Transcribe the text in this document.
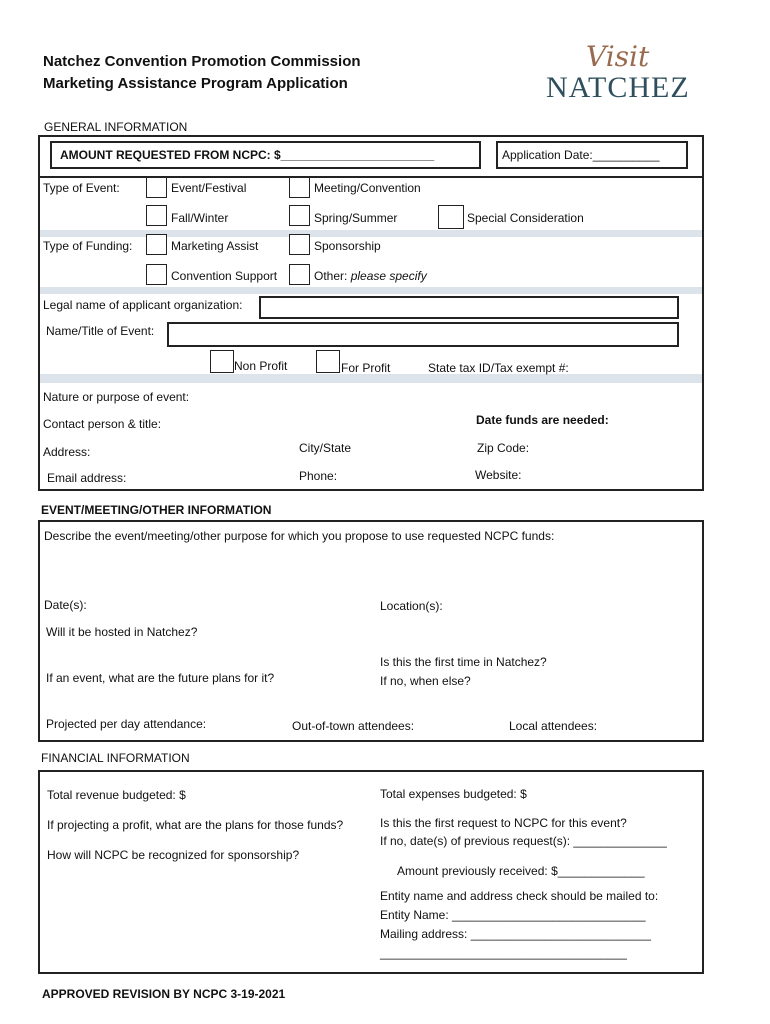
Natchez Convention Promotion Commission
Marketing Assistance Program Application
Visit
NATCHEZ
GENERAL INFORMATION
AMOUNT REQUESTED FROM NCPC: $_______________________	Application Date:__________
Type of Event:	Event/Festival	Meeting/Convention
Fall/Winter	Spring/Summer	Special Consideration
Type of Funding:	Marketing Assist	Sponsorship
Convention Support	Other: please specify
Legal name of applicant organization:
Name/Title of Event:
Non Profit	For Profit	State tax ID/Tax exempt #:
Nature or purpose of event:
Contact person & title:	Date funds are needed:
Address:	City/State	Zip Code:
Email address:	Phone:	Website:
EVENT/MEETING/OTHER INFORMATION
Describe the event/meeting/other purpose for which you propose to use requested NCPC funds:
Date(s):	Location(s):
Will it be hosted in Natchez?
Is this the first time in Natchez?
If no, when else?
If an event, what are the future plans for it?
Projected per day attendance:	Out-of-town attendees:	Local attendees:
FINANCIAL INFORMATION
Total revenue budgeted: $	Total expenses budgeted: $
If projecting a profit, what are the plans for those funds?	Is this the first request to NCPC for this event?
If no, date(s) of previous request(s): ______________
How will NCPC be recognized for sponsorship?
Amount previously received: $_____________
Entity name and address check should be mailed to:
Entity Name: _____________________________
Mailing address: ___________________________
_____________________________________
APPROVED REVISION BY NCPC 3-19-2021
